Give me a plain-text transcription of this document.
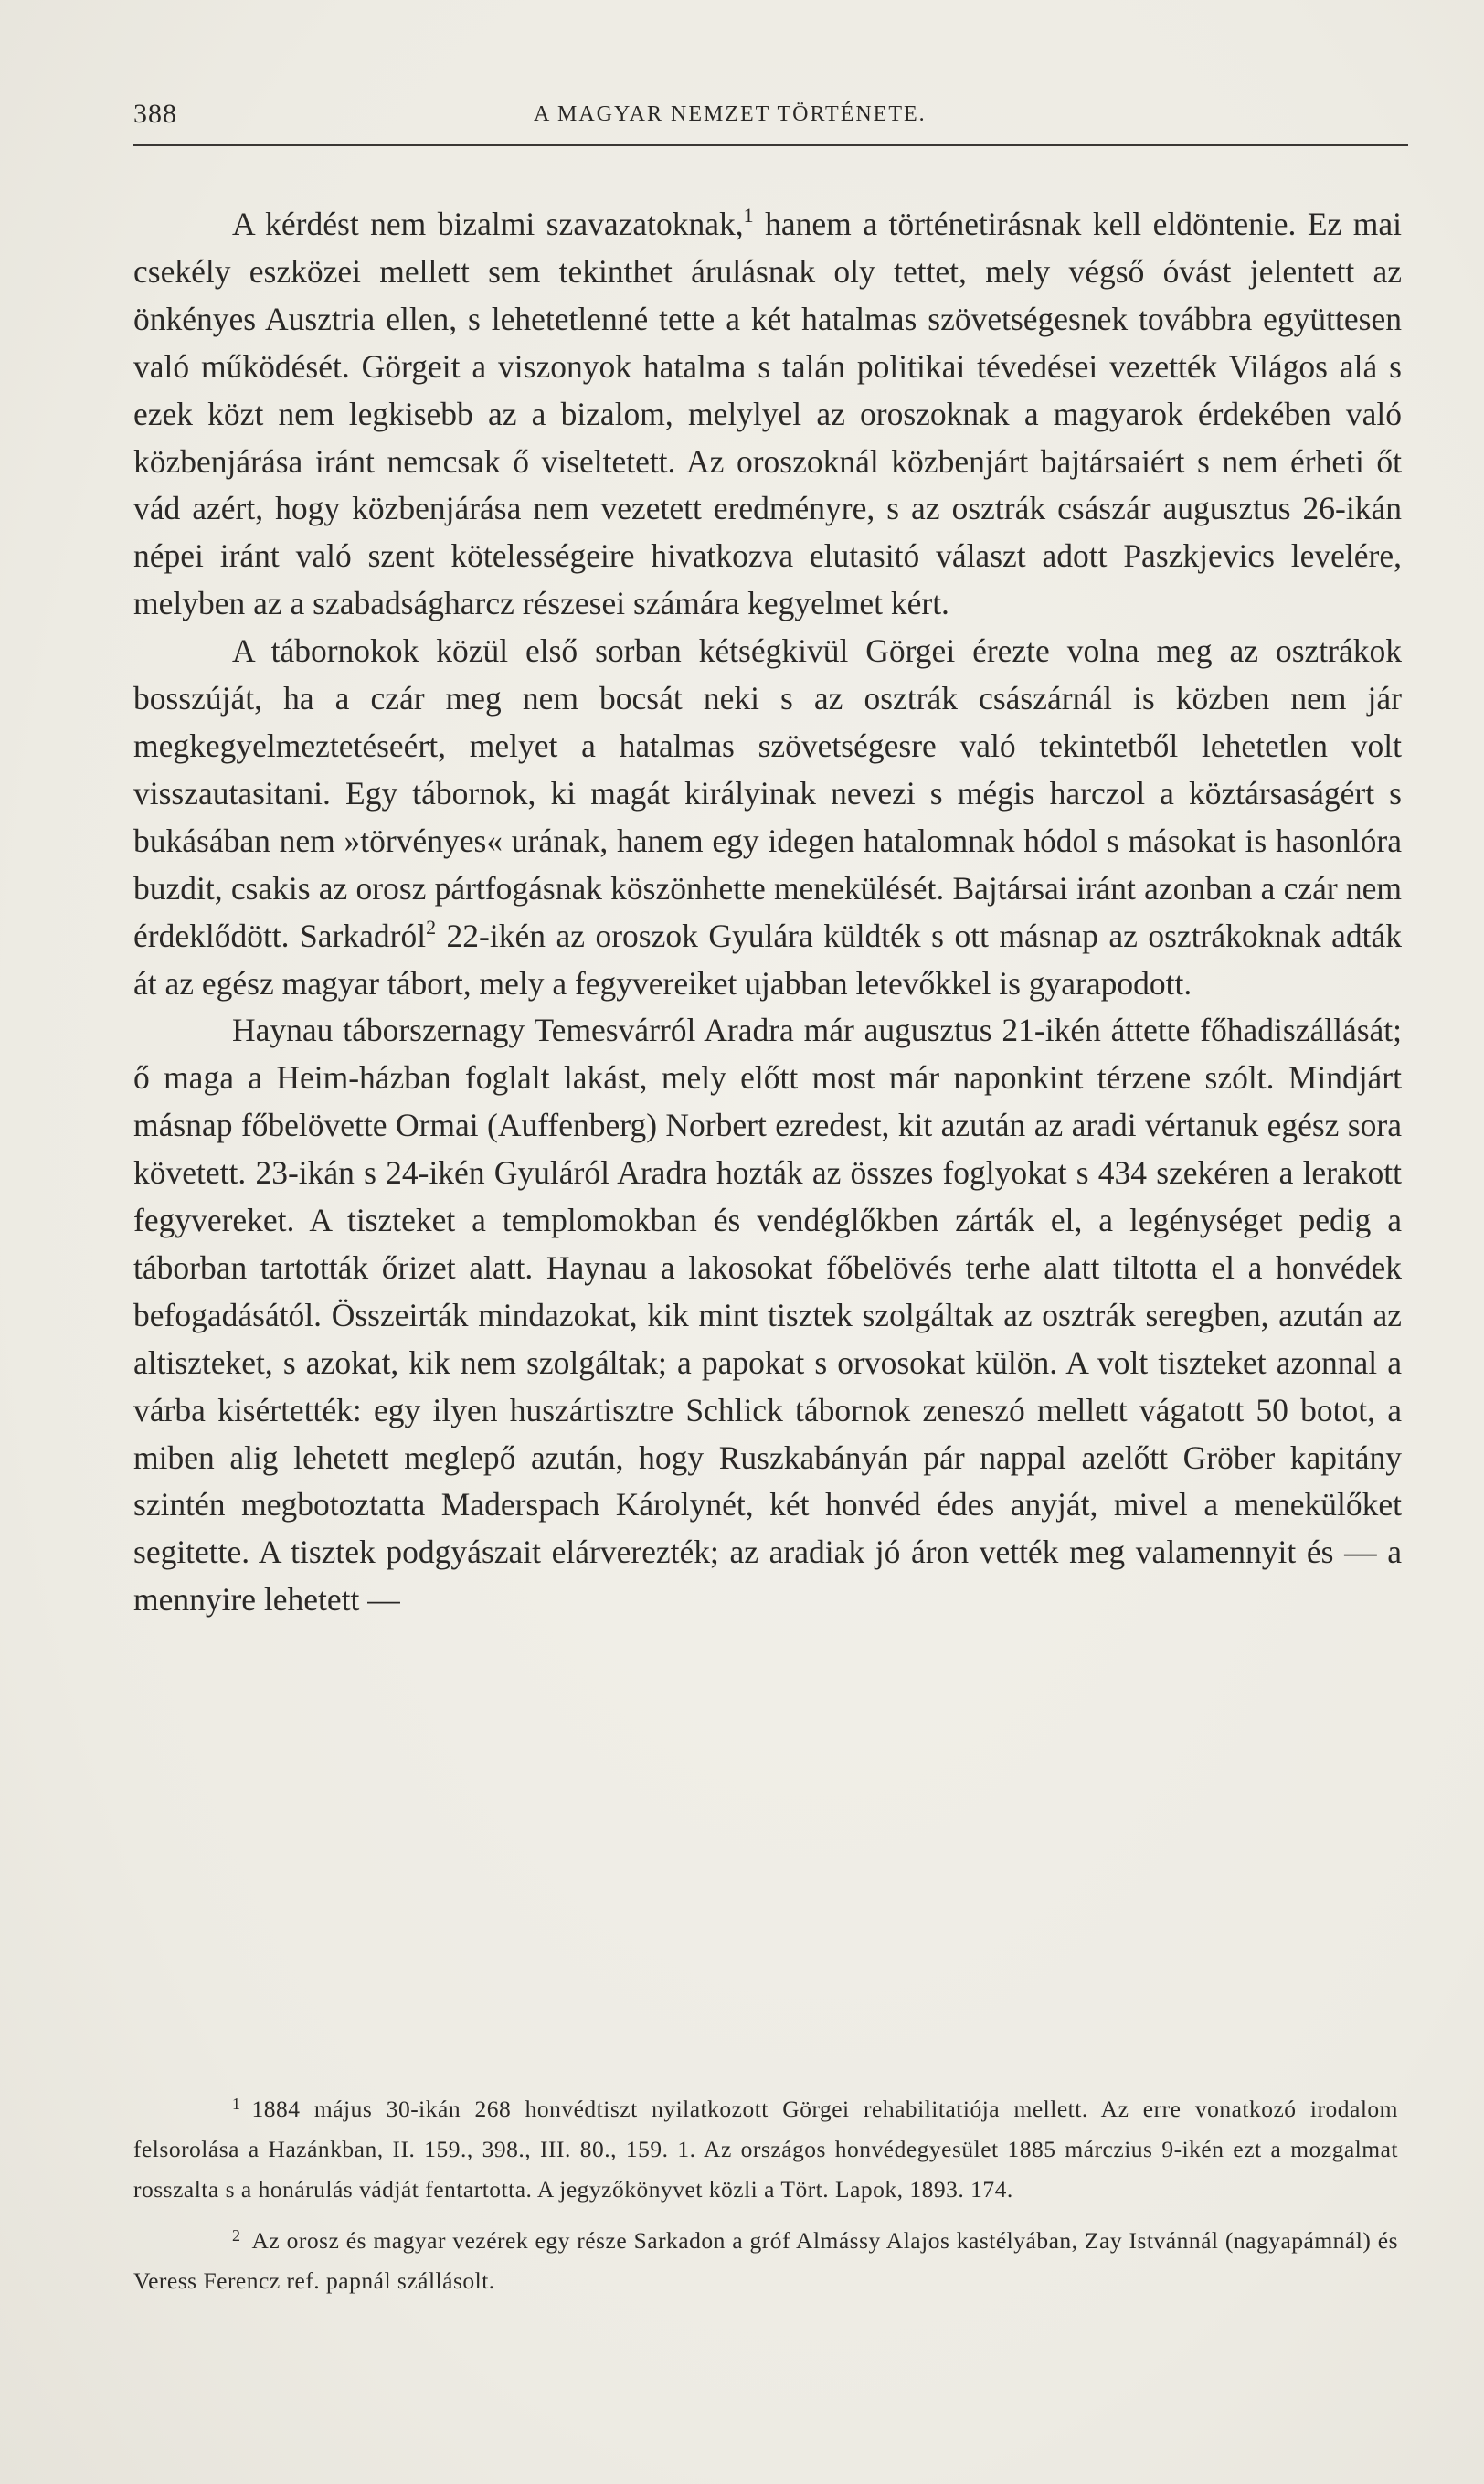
388	A MAGYAR NEMZET TÖRTÉNETE.

A kérdést nem bizalmi szavazatoknak,$^1$ hanem a történetirásnak kell eldöntenie. Ez mai csekély eszközei mellett sem tekinthet árulásnak oly tettet, mely végső óvást jelentett az önkényes Ausztria ellen, s lehetetlenné tette a két hatalmas szövetségesnek továbbra együttesen való működését. Görgeit a viszonyok hatalma s talán politikai tévedései vezették Világos alá s ezek közt nem legkisebb az a bizalom, melylyel az oroszoknak a magyarok érdekében való közbenjárása iránt nemcsak ő viseltetett. Az oroszoknál közbenjárt bajtársaiért s nem érheti őt vád azért, hogy közbenjárása nem vezetett eredményre, s az osztrák császár augusztus 26-ikán népei iránt való szent kötelességeire hivatkozva elutasitó választ adott Paszkjevics levelére, melyben az a szabadságharcz részesei számára kegyelmet kért.

A tábornokok közül első sorban kétségkivül Görgei érezte volna meg az osztrákok bosszúját, ha a czár meg nem bocsát neki s az osztrák császárnál is közben nem jár megkegyelmeztetéseért, melyet a hatalmas szövetségesre való tekintetből lehetetlen volt visszautasitani. Egy tábornok, ki magát királyinak nevezi s mégis harczol a köztársaságért s bukásában nem »törvényes« urának, hanem egy idegen hatalomnak hódol s másokat is hasonlóra buzdit, csakis az orosz pártfogásnak köszönhette menekülését. Bajtársai iránt azonban a czár nem érdeklődött. Sarkadról$^2$ 22-ikén az oroszok Gyulára küldték s ott másnap az osztrákoknak adták át az egész magyar tábort, mely a fegyvereiket ujabban letevőkkel is gyarapodott.

Haynau táborszernagy Temesvárról Aradra már augusztus 21-ikén áttette főhadiszállását; ő maga a Heim-házban foglalt lakást, mely előtt most már naponkint térzene szólt. Mindjárt másnap főbelövette Ormai (Auffenberg) Norbert ezredest, kit azután az aradi vértanuk egész sora követett. 23-ikán s 24-ikén Gyuláról Aradra hozták az összes foglyokat s 434 szekéren a lerakott fegyvereket. A tiszteket a templomokban és vendéglőkben zárták el, a legénységet pedig a táborban tartották őrizet alatt. Haynau a lakosokat főbelövés terhe alatt tiltotta el a honvédek befogadásától. Összeirták mindazokat, kik mint tisztek szolgáltak az osztrák seregben, azután az altiszteket, s azokat, kik nem szolgáltak; a papokat s orvosokat külön. A volt tiszteket azonnal a várba kisértették: egy ilyen huszártisztre Schlick tábornok zeneszó mellett vágatott 50 botot, a miben alig lehetett meglepő azután, hogy Ruszkabányán pár nappal azelőtt Gröber kapitány szintén megbotoztatta Maderspach Károlynét, két honvéd édes anyját, mivel a menekülőket segitette. A tisztek podgyászait elárverezték; az aradiak jó áron vették meg valamennyit és — a mennyire lehetett —

$^1$ 1884 május 30-ikán 268 honvédtiszt nyilatkozott Görgei rehabilitatiója mellett. Az erre vonatkozó irodalom felsorolása a Hazánkban, II. 159., 398., III. 80., 159. 1. Az országos honvédegyesület 1885 márczius 9-ikén ezt a mozgalmat rosszalta s a honárulás vádját fentartotta. A jegyzőkönyvet közli a Tört. Lapok, 1893. 174.

$^2$ Az orosz és magyar vezérek egy része Sarkadon a gróf Almássy Alajos kastélyában, Zay Istvánnál (nagyapámnál) és Veress Ferencz ref. papnál szállásolt.
